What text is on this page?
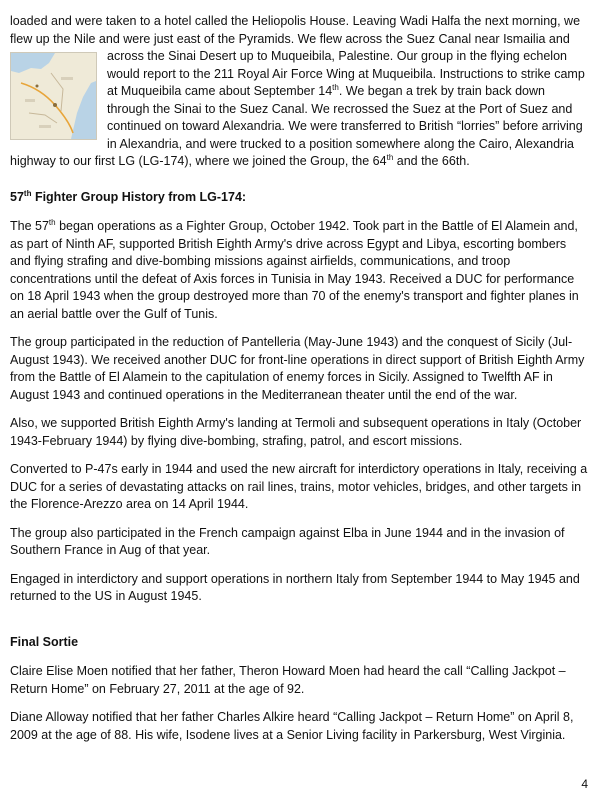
loaded and were taken to a hotel called the Heliopolis House. Leaving Wadi Halfa the next morning, we flew up the Nile and were just east of the Pyramids. We flew across the Suez Canal near Ismailia and
across the Sinai Desert up to Muqueibila, Palestine. Our group in the flying echelon would report to the 211 Royal Air Force Wing at Muqueibila. Instructions to strike camp at Muqueibila came about September 14th. We began a trek by train back down through the Sinai to the Suez Canal. We recrossed the Suez at the Port of Suez and continued on toward Alexandria. We were transferred to British “lorries” before arriving in Alexandria, and were trucked to a position somewhere along the Cairo, Alexandria highway to our first LG (LG-174), where we joined the Group, the 64th and the 66th.

57th Fighter Group History from LG-174:

The 57th began operations as a Fighter Group, October 1942. Took part in the Battle of El Alamein and, as part of Ninth AF, supported British Eighth Army's drive across Egypt and Libya, escorting bombers and flying strafing and dive-bombing missions against airfields, communications, and troop concentrations until the defeat of Axis forces in Tunisia in May 1943. Received a DUC for performance on 18 April 1943 when the group destroyed more than 70 of the enemy's transport and fighter planes in an aerial battle over the Gulf of Tunis.

The group participated in the reduction of Pantelleria (May-June 1943) and the conquest of Sicily (Jul-August 1943). We received another DUC for front-line operations in direct support of British Eighth Army from the Battle of El Alamein to the capitulation of enemy forces in Sicily. Assigned to Twelfth AF in August 1943 and continued operations in the Mediterranean theater until the end of the war.

Also, we supported British Eighth Army's landing at Termoli and subsequent operations in Italy (October 1943-February 1944) by flying dive-bombing, strafing, patrol, and escort missions.

Converted to P-47s early in 1944 and used the new aircraft for interdictory operations in Italy, receiving a DUC for a series of devastating attacks on rail lines, trains, motor vehicles, bridges, and other targets in the Florence-Arezzo area on 14 April 1944.

The group also participated in the French campaign against Elba in June 1944 and in the invasion of Southern France in Aug of that year.

Engaged in interdictory and support operations in northern Italy from September 1944 to May 1945 and returned to the US in August 1945.

Final Sortie

Claire Elise Moen notified that her father, Theron Howard Moen had heard the call “Calling Jackpot – Return Home” on February 27, 2011 at the age of 92.

Diane Alloway notified that her father Charles Alkire heard “Calling Jackpot – Return Home” on April 8, 2009 at the age of 88. His wife, Isodene lives at a Senior Living facility in Parkersburg, West Virginia.

4
